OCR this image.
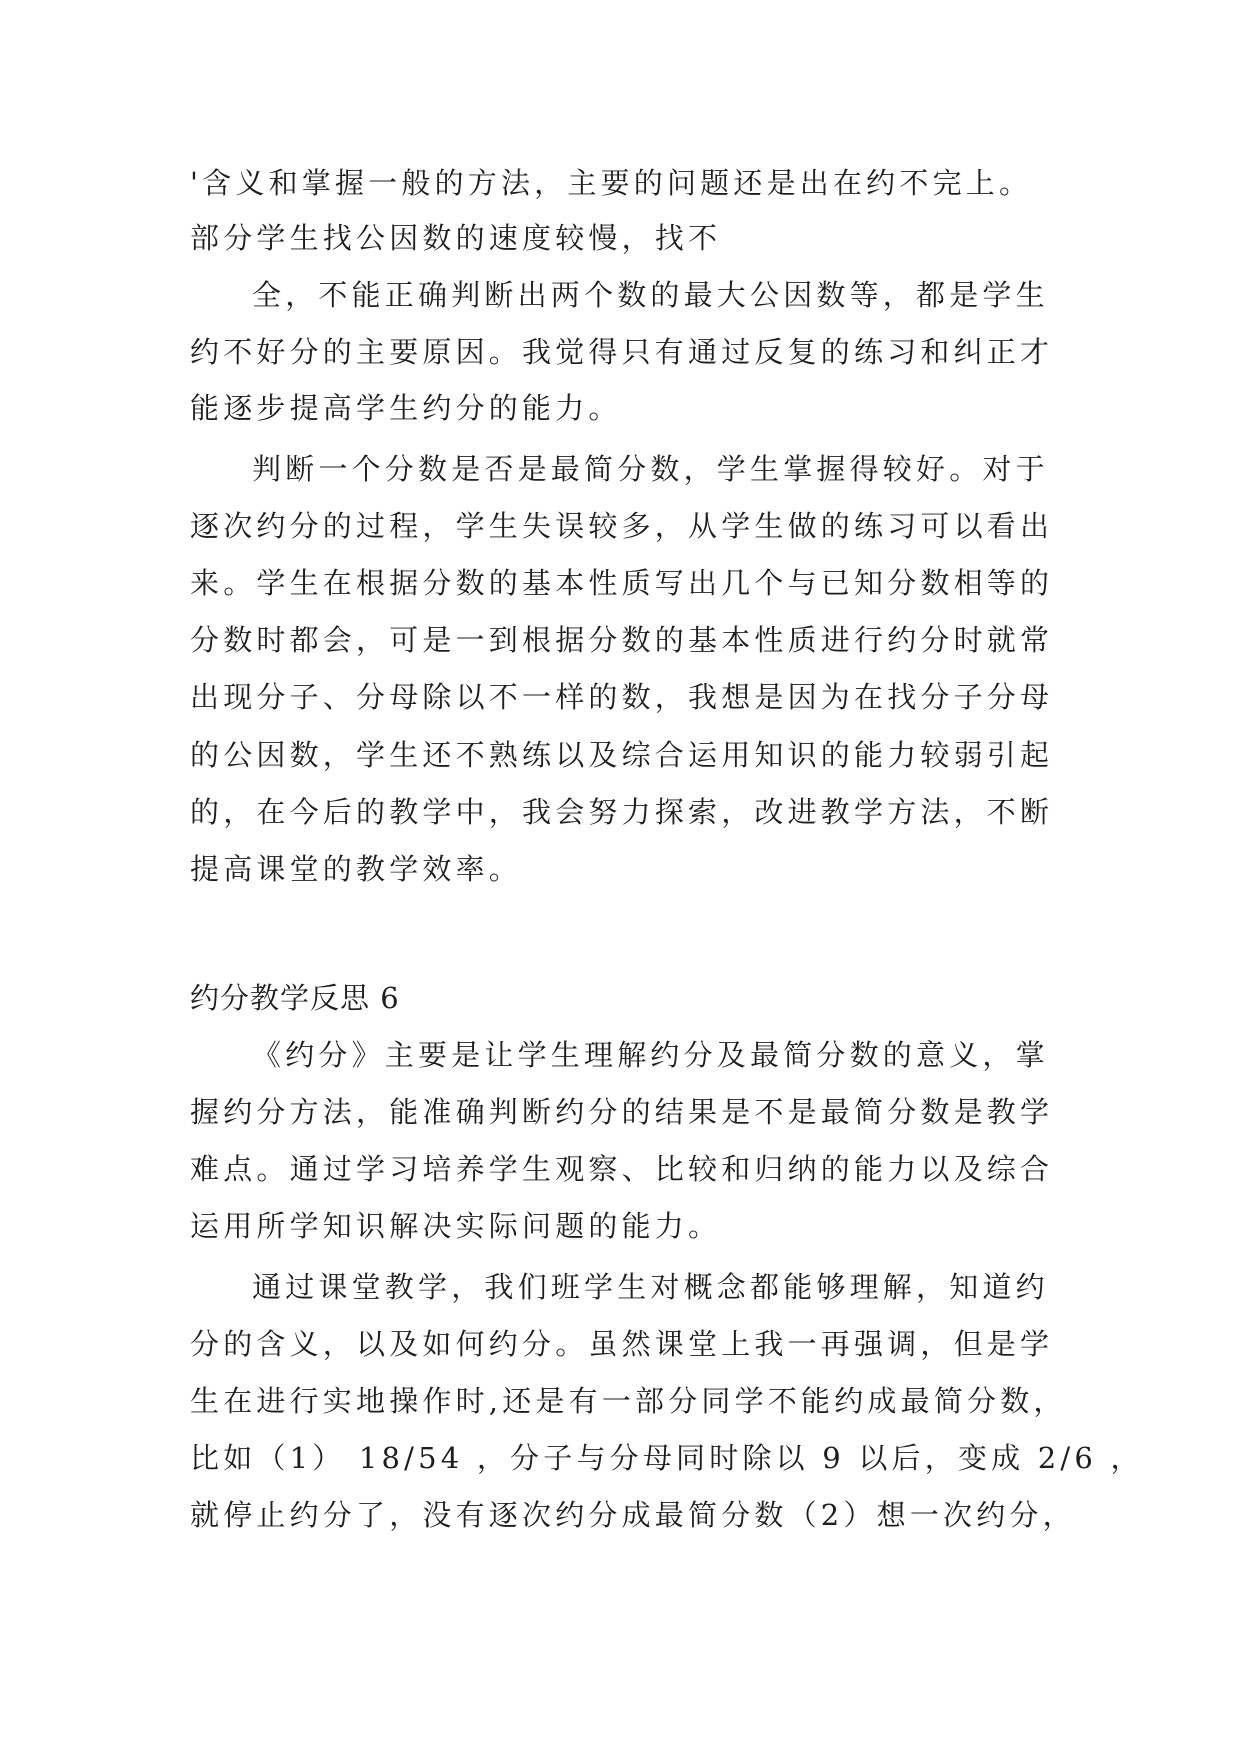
'含义和掌握一般的方法，主要的问题还是出在约不完上。
部分学生找公因数的速度较慢，找不
全，不能正确判断出两个数的最大公因数等，都是学生
约不好分的主要原因。我觉得只有通过反复的练习和纠正才
能逐步提高学生约分的能力。
判断一个分数是否是最简分数，学生掌握得较好。对于
逐次约分的过程，学生失误较多，从学生做的练习可以看出
来。学生在根据分数的基本性质写出几个与已知分数相等的
分数时都会，可是一到根据分数的基本性质进行约分时就常
出现分子、分母除以不一样的数，我想是因为在找分子分母
的公因数，学生还不熟练以及综合运用知识的能力较弱引起
的，在今后的教学中，我会努力探索，改进教学方法，不断
提高课堂的教学效率。
约分教学反思 6
《约分》主要是让学生理解约分及最简分数的意义，掌
握约分方法，能准确判断约分的结果是不是最简分数是教学
难点。通过学习培养学生观察、比较和归纳的能力以及综合
运用所学知识解决实际问题的能力。
通过课堂教学，我们班学生对概念都能够理解，知道约
分的含义，以及如何约分。虽然课堂上我一再强调，但是学
生在进行实地操作时,还是有一部分同学不能约成最简分数，
比如（1） 18/54 ，分子与分母同时除以 9 以后，变成 2/6 ，
就停止约分了，没有逐次约分成最简分数（2）想一次约分，
